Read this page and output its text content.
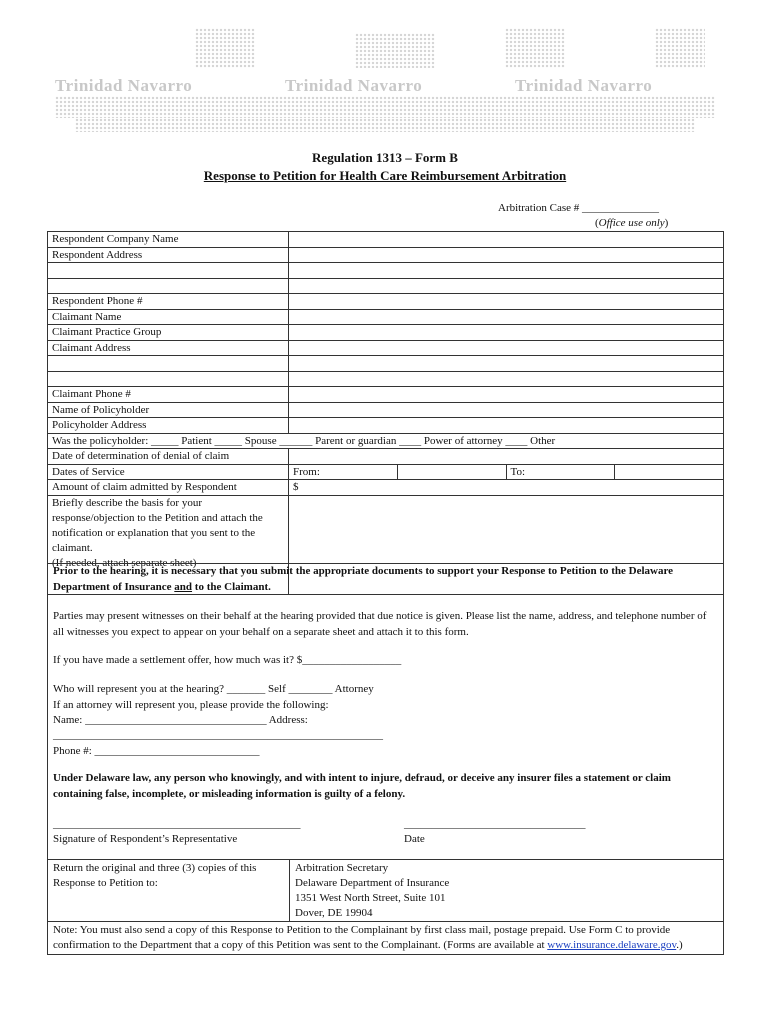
Trinidad Navarro	Trinidad Navarro	Trinidad Navarro
Regulation 1313 – Form B
Response to Petition for Health Care Reimbursement Arbitration
Arbitration Case # ______________
(Office use only)
Respondent Company Name				
Respondent Address				

Respondent Phone #				
Claimant Name				
Claimant Practice Group				
Claimant Address				

Claimant Phone #				
Name of Policyholder				
Policyholder Address				
Was the policyholder: _____ Patient _____ Spouse ______ Parent or guardian ____ Power of attorney ____ Other				
Date of determination of denial of claim				
Dates of Service	From:		To:	
Amount of claim admitted by Respondent	$			
Briefly describe the basis for your response/objection to the Petition and attach the notification or explanation that you sent to the claimant.
(If needed, attach separate sheet)				

Prior to the hearing, it is necessary that you submit the appropriate documents to support your Response to Petition to the Delaware Department of Insurance and to the Claimant.

Parties may present witnesses on their behalf at the hearing provided that due notice is given. Please list the name, address, and telephone number of all witnesses you expect to appear on your behalf on a separate sheet and attach it to this form.

If you have made a settlement offer, how much was it? $__________________

Who will represent you at the hearing? _______ Self ________ Attorney

If an attorney will represent you, please provide the following:

Name: _________________________________ Address:

____________________________________________________________

Phone #: ______________________________

Under Delaware law, any person who knowingly, and with intent to injure, defraud, or deceive any insurer files a statement or claim containing false, incomplete, or misleading information is guilty of a felony.

_____________________________________________	_________________________________

Signature of Respondent’s Representative	Date

Return the original and three (3) copies of this Response to Petition to:	
Arbitration Secretary
Delaware Department of Insurance
1351 West North Street, Suite 101
Dover, DE 19904

Note: You must also send a copy of this Response to Petition to the Complainant by first class mail, postage prepaid. Use Form C to provide confirmation to the Department that a copy of this Petition was sent to the Complainant. (Forms are available at www.insurance.delaware.gov.)
